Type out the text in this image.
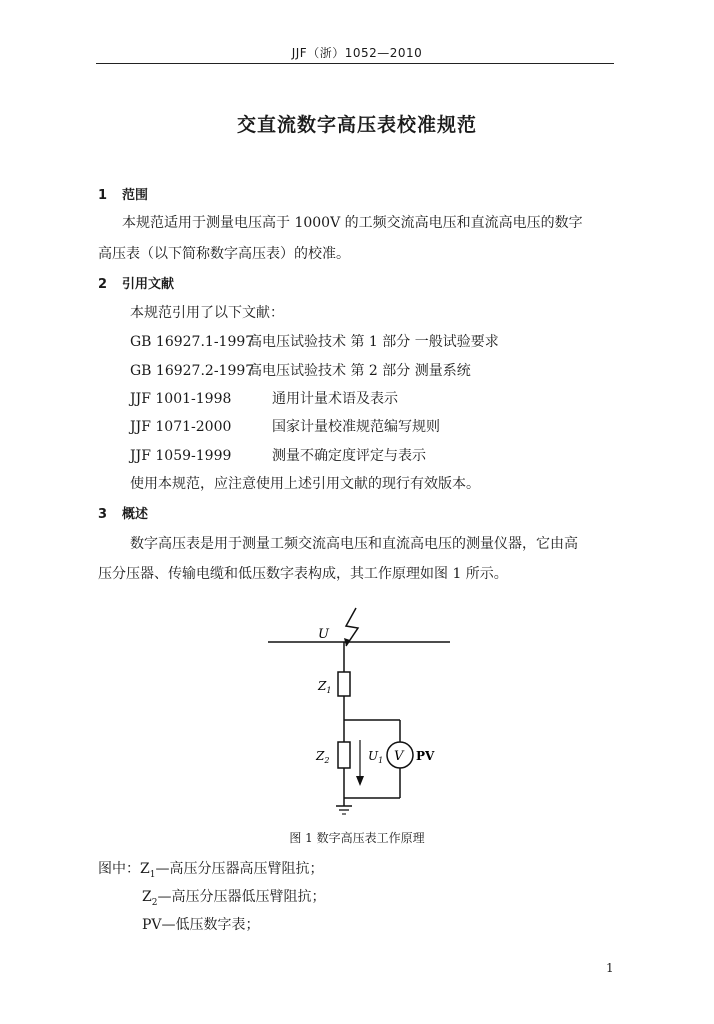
JJF（浙）1052—2010
交直流数字高压表校准规范
1 范围
本规范适用于测量电压高于 1000V 的工频交流高电压和直流高电压的数字
高压表（以下简称数字高压表）的校准。
2 引用文献
本规范引用了以下文献：
GB 16927.1-1997高电压试验技术 第 1 部分 一般试验要求
GB 16927.2-1997高电压试验技术 第 2 部分 测量系统
JJF 1001-1998	通用计量术语及表示
JJF 1071-2000	国家计量校准规范编写规则
JJF 1059-1999	测量不确定度评定与表示
使用本规范，应注意使用上述引用文献的现行有效版本。
3 概述
数字高压表是用于测量工频交流高电压和直流高电压的测量仪器，它由高
压分压器、传输电缆和低压数字表构成，其工作原理如图 1 所示。
U
$Z_1$
$Z_2$	$U_1$ V PV
图 1 数字高压表工作原理
图中：$Z_1—$高压分压器高压臂阻抗；
$Z_2—$高压分压器低压臂阻抗；
PV—低压数字表；
1
